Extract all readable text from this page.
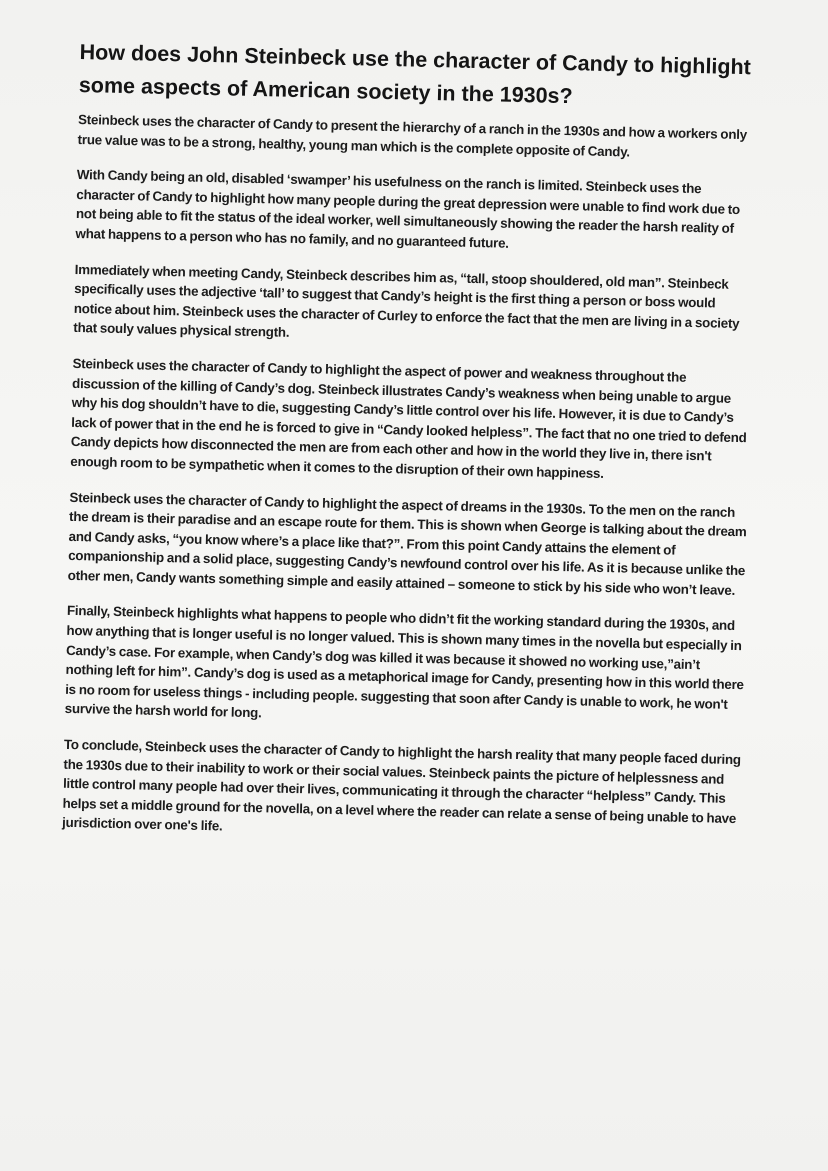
How does John Steinbeck use the character of Candy to highlight some aspects of American society in the 1930s?

Steinbeck uses the character of Candy to present the hierarchy of a ranch in the 1930s and how a workers only true value was to be a strong, healthy, young man which is the complete opposite of Candy.

With Candy being an old, disabled ‘swamper’ his usefulness on the ranch is limited. Steinbeck uses the character of Candy to highlight how many people during the great depression were unable to find work due to not being able to fit the status of the ideal worker, well simultaneously showing the reader the harsh reality of what happens to a person who has no family, and no guaranteed future.

Immediately when meeting Candy, Steinbeck describes him as, “tall, stoop shouldered, old man”. Steinbeck specifically uses the adjective ‘tall’ to suggest that Candy’s height is the first thing a person or boss would notice about him. Steinbeck uses the character of Curley to enforce the fact that the men are living in a society that souly values physical strength.

Steinbeck uses the character of Candy to highlight the aspect of power and weakness throughout the discussion of the killing of Candy’s dog. Steinbeck illustrates Candy’s weakness when being unable to argue why his dog shouldn’t have to die, suggesting Candy’s little control over his life. However, it is due to Candy’s lack of power that in the end he is forced to give in “Candy looked helpless”. The fact that no one tried to defend Candy depicts how disconnected the men are from each other and how in the world they live in, there isn't enough room to be sympathetic when it comes to the disruption of their own happiness.

Steinbeck uses the character of Candy to highlight the aspect of dreams in the 1930s. To the men on the ranch the dream is their paradise and an escape route for them. This is shown when George is talking about the dream and Candy asks, “you know where’s a place like that?”. From this point Candy attains the element of companionship and a solid place, suggesting Candy’s newfound control over his life. As it is because unlike the other men, Candy wants something simple and easily attained – someone to stick by his side who won’t leave.

Finally, Steinbeck highlights what happens to people who didn’t fit the working standard during the 1930s, and how anything that is longer useful is no longer valued. This is shown many times in the novella but especially in Candy’s case. For example, when Candy’s dog was killed it was because it showed no working use,”ain’t nothing left for him”. Candy’s dog is used as a metaphorical image for Candy, presenting how in this world there is no room for useless things - including people. suggesting that soon after Candy is unable to work, he won't survive the harsh world for long.

To conclude, Steinbeck uses the character of Candy to highlight the harsh reality that many people faced during the 1930s due to their inability to work or their social values. Steinbeck paints the picture of helplessness and little control many people had over their lives, communicating it through the character “helpless” Candy. This helps set a middle ground for the novella, on a level where the reader can relate a sense of being unable to have jurisdiction over one's life.
